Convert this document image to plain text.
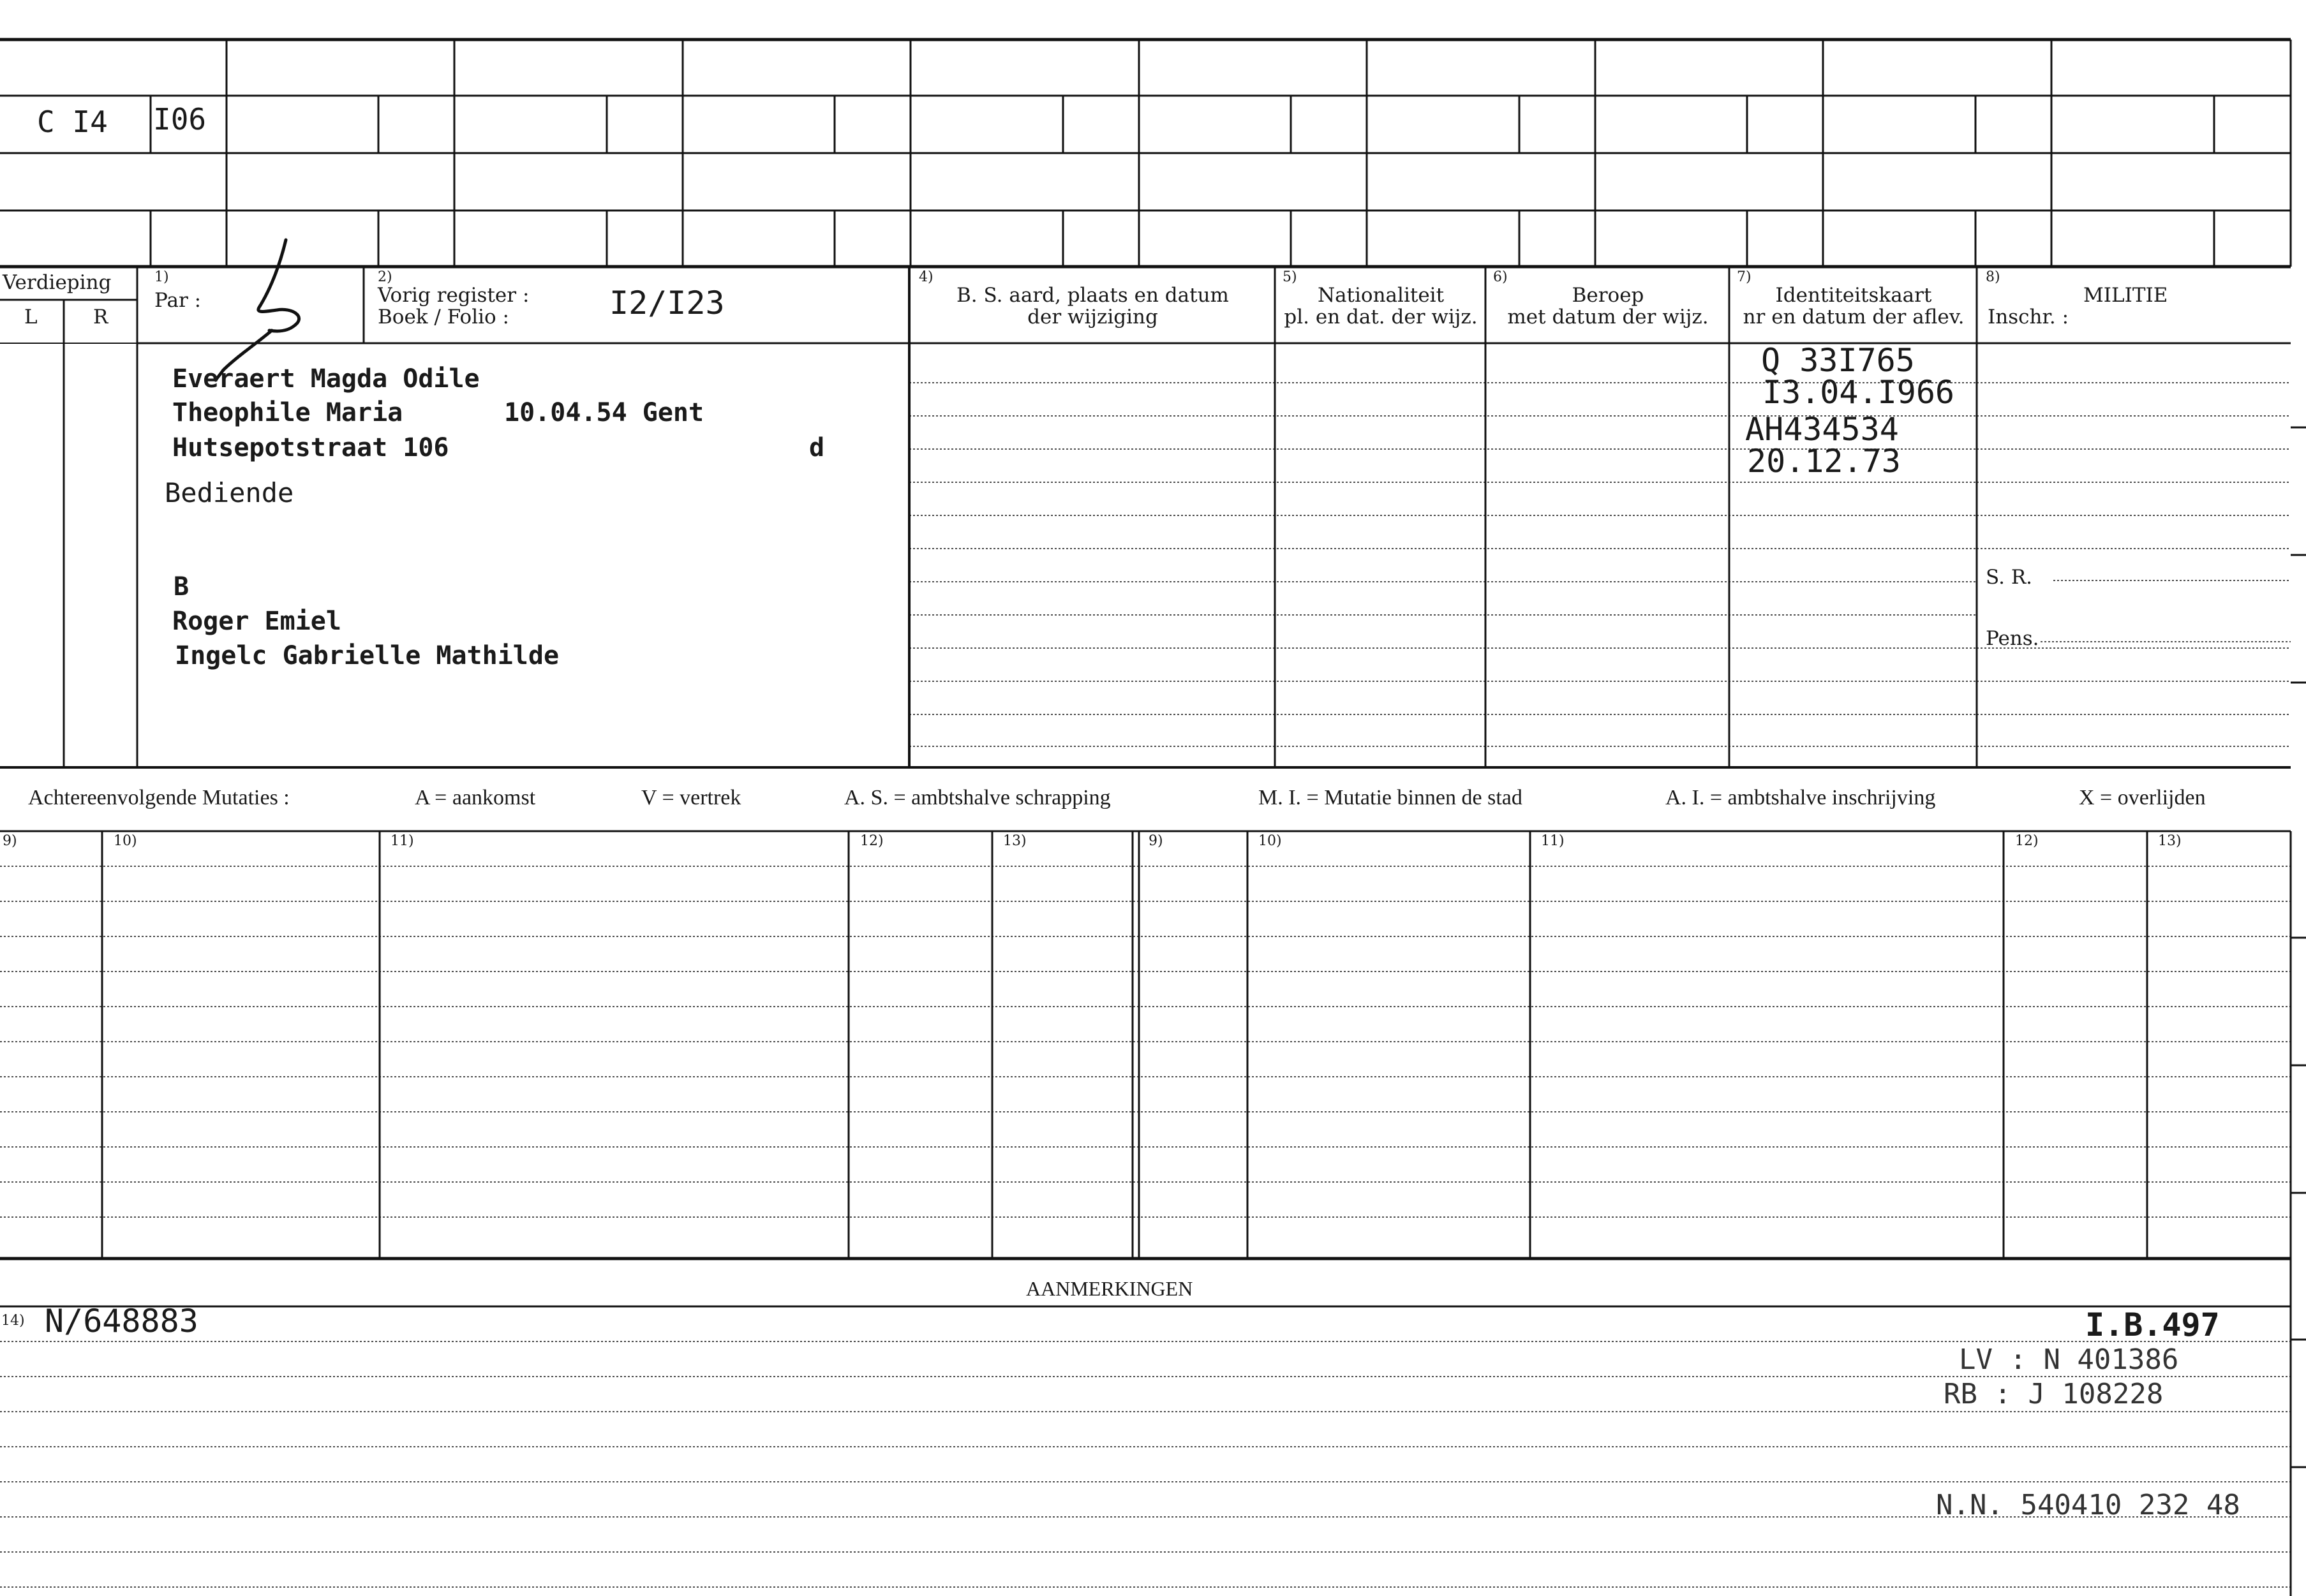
C I4 I06
Verdieping
L	R
1)
Par :
2)
Vorig register :
Boek / Folio :	I2/I23
4)
B. S. aard, plaats en datum
der wijziging
5)
Nationaliteit
pl. en dat. der wijz.
6)
Beroep
met datum der wijz.
7)
Identiteitskaart
nr en datum der aflev.
8)
MILITIE
Inschr. :
Everaert Magda Odile
Theophile Maria	10.04.54 Gent
Hutsepotstraat 106	d
Bediende
B
Roger Emiel
Ingelс Gabrielle Mathilde
Q 33I765
I3.04.I966
AH434534
20.12.73
S. R.
Pens.
Achtereenvolgende Mutaties :	A = aankomst	V = vertrek	A. S. = ambtshalve schrapping	M. I. = Mutatie binnen de stad	A. I. = ambtshalve inschrijving	X = overlijden
9)	10)	11)	12)	13)	9)	10)	11)	12)	13)
AANMERKINGEN
14) N/648883	I.B.497
LV : N 401386
RB : J 108228
N.N. 540410 232 48
